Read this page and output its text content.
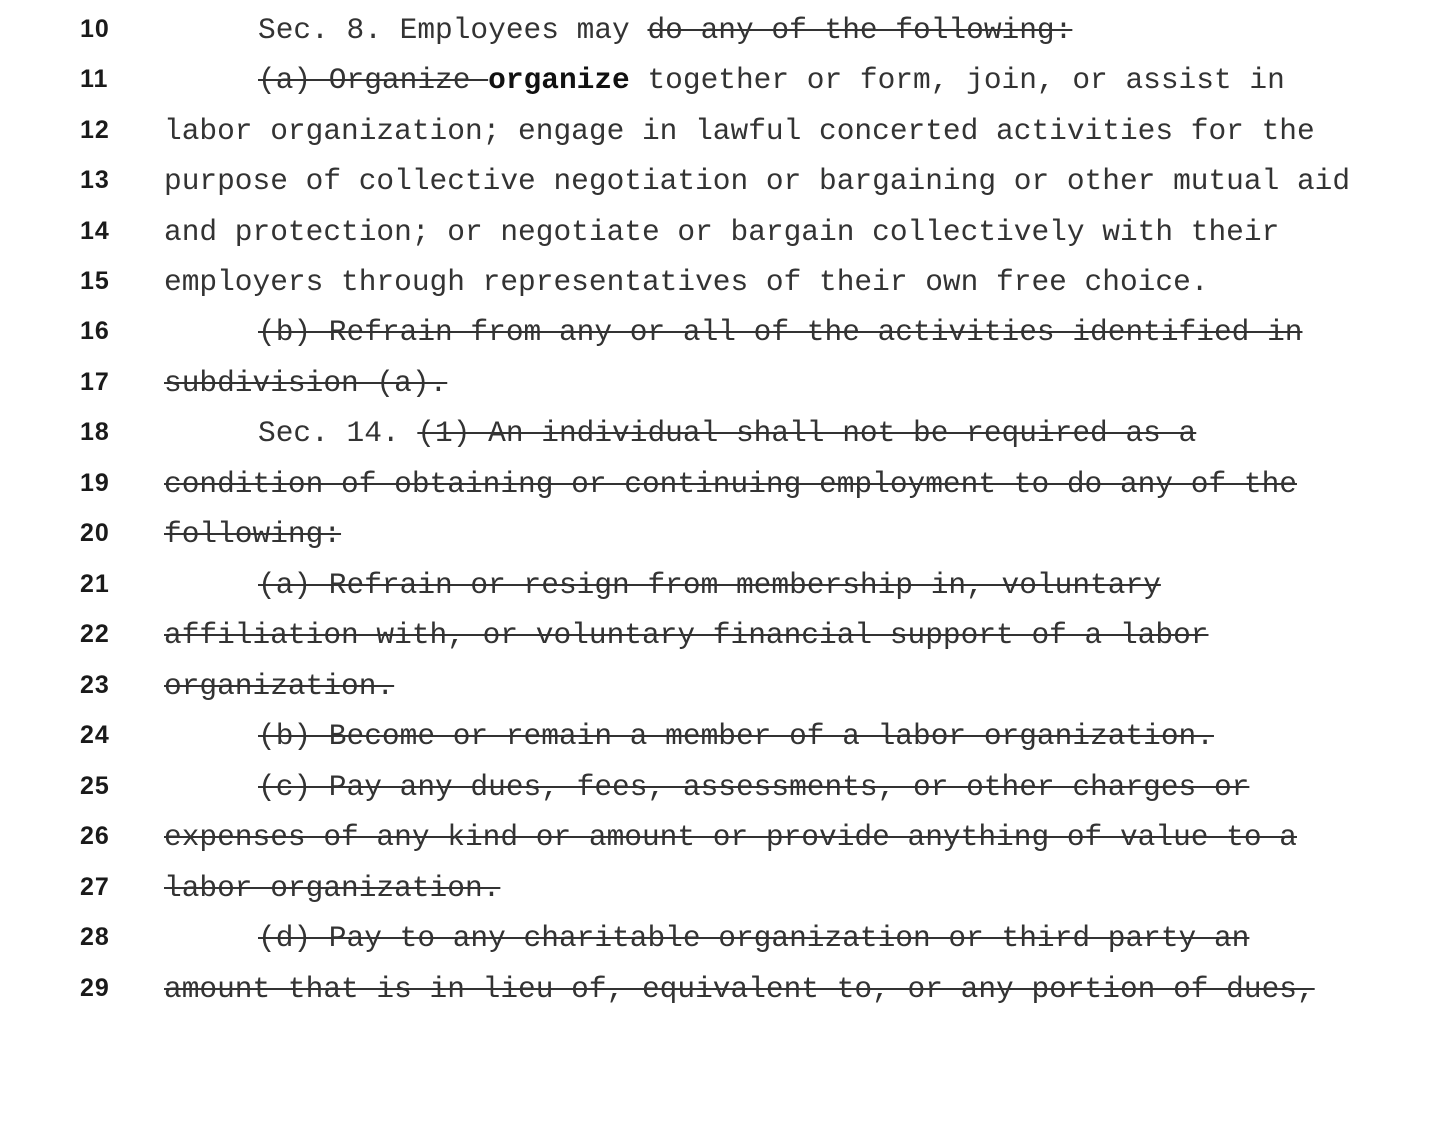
10

	Sec. 8. Employees may do any of the following:

11

	(a) Organize organize together or form, join, or assist in

12

	labor organization; engage in lawful concerted activities for the

13

	purpose of collective negotiation or bargaining or other mutual aid

14

	and protection; or negotiate or bargain collectively with their

15

	employers through representatives of their own free choice.

16

	(b) Refrain from any or all of the activities identified in

17

	subdivision (a).

18

	Sec. 14. (1) An individual shall not be required as a

19

	condition of obtaining or continuing employment to do any of the

20

	following:

21

	(a) Refrain or resign from membership in, voluntary

22

	affiliation with, or voluntary financial support of a labor

23

	organization.

24

	(b) Become or remain a member of a labor organization.

25

	(c) Pay any dues, fees, assessments, or other charges or

26

	expenses of any kind or amount or provide anything of value to a

27

	labor organization.

28

	(d) Pay to any charitable organization or third party an

29

	amount that is in lieu of, equivalent to, or any portion of dues,
